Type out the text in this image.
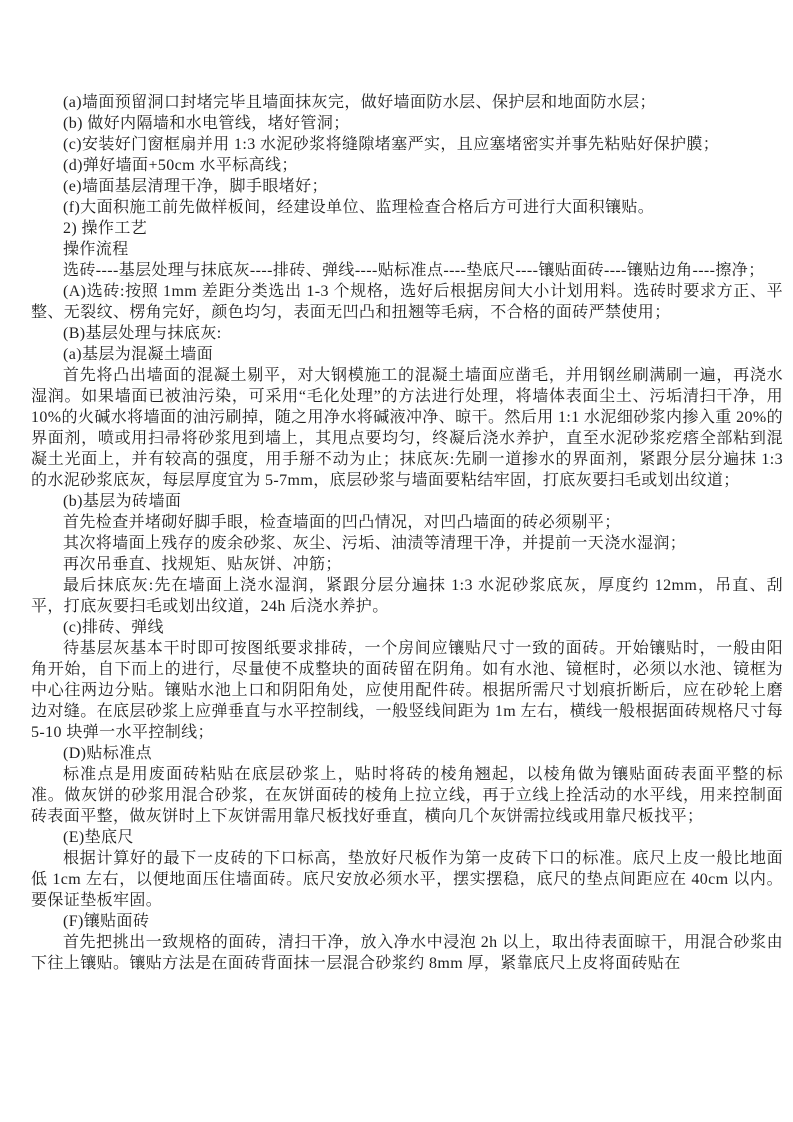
(a)墙面预留洞口封堵完毕且墙面抹灰完，做好墙面防水层、保护层和地面防水层；

(b) 做好内隔墙和水电管线，堵好管洞；

(c)安装好门窗框扇并用 1:3 水泥砂浆将缝隙堵塞严实，且应塞堵密实并事先粘贴好保护膜；

(d)弹好墙面+50cm 水平标高线；

(e)墙面基层清理干净，脚手眼堵好；

(f)大面积施工前先做样板间，经建设单位、监理检查合格后方可进行大面积镶贴。

2) 操作工艺

操作流程

选砖----基层处理与抹底灰----排砖、弹线----贴标准点----垫底尺----镶贴面砖----镶贴边角----擦净；

(A)选砖:按照 1mm 差距分类选出 1-3 个规格，选好后根据房间大小计划用料。选砖时要求方正、平整、无裂纹、楞角完好，颜色均匀，表面无凹凸和扭翘等毛病，不合格的面砖严禁使用；

(B)基层处理与抹底灰:

(a)基层为混凝土墙面

首先将凸出墙面的混凝土剔平，对大钢模施工的混凝土墙面应凿毛，并用钢丝刷满刷一遍，再浇水湿润。如果墙面已被油污染，可采用“毛化处理”的方法进行处理，将墙体表面尘土、污垢清扫干净，用 10%的火碱水将墙面的油污刷掉，随之用净水将碱液冲净、晾干。然后用 1:1 水泥细砂浆内掺入重 20%的界面剂，喷或用扫帚将砂浆甩到墙上，其甩点要均匀，终凝后浇水养护，直至水泥砂浆疙瘩全部粘到混凝土光面上，并有较高的强度，用手掰不动为止；抹底灰:先刷一道掺水的界面剂，紧跟分层分遍抹 1:3 的水泥砂浆底灰，每层厚度宜为 5-7mm，底层砂浆与墙面要粘结牢固，打底灰要扫毛或划出纹道；

(b)基层为砖墙面

首先检查并堵砌好脚手眼，检查墙面的凹凸情况，对凹凸墙面的砖必须剔平；

其次将墙面上残存的废余砂浆、灰尘、污垢、油渍等清理干净，并提前一天浇水湿润；

再次吊垂直、找规矩、贴灰饼、冲筋；

最后抹底灰:先在墙面上浇水湿润，紧跟分层分遍抹 1:3 水泥砂浆底灰，厚度约 12mm，吊直、刮平，打底灰要扫毛或划出纹道，24h 后浇水养护。

(c)排砖、弹线

待基层灰基本干时即可按图纸要求排砖，一个房间应镶贴尺寸一致的面砖。开始镶贴时，一般由阳角开始，自下而上的进行，尽量使不成整块的面砖留在阴角。如有水池、镜框时，必须以水池、镜框为中心往两边分贴。镶贴水池上口和阴阳角处，应使用配件砖。根据所需尺寸划痕折断后，应在砂轮上磨边对缝。在底层砂浆上应弹垂直与水平控制线，一般竖线间距为 1m 左右，横线一般根据面砖规格尺寸每 5-10 块弹一水平控制线；

(D)贴标准点

标准点是用废面砖粘贴在底层砂浆上，贴时将砖的棱角翘起，以棱角做为镶贴面砖表面平整的标准。做灰饼的砂浆用混合砂浆，在灰饼面砖的棱角上拉立线，再于立线上拴活动的水平线，用来控制面砖表面平整，做灰饼时上下灰饼需用靠尺板找好垂直，横向几个灰饼需拉线或用靠尺板找平；

(E)垫底尺

根据计算好的最下一皮砖的下口标高，垫放好尺板作为第一皮砖下口的标准。底尺上皮一般比地面低 1cm 左右，以便地面压住墙面砖。底尺安放必须水平，摆实摆稳，底尺的垫点间距应在 40cm 以内。要保证垫板牢固。

(F)镶贴面砖

首先把挑出一致规格的面砖，清扫干净，放入净水中浸泡 2h 以上，取出待表面晾干，用混合砂浆由下往上镶贴。镶贴方法是在面砖背面抹一层混合砂浆约 8mm 厚，紧靠底尺上皮将面砖贴在
